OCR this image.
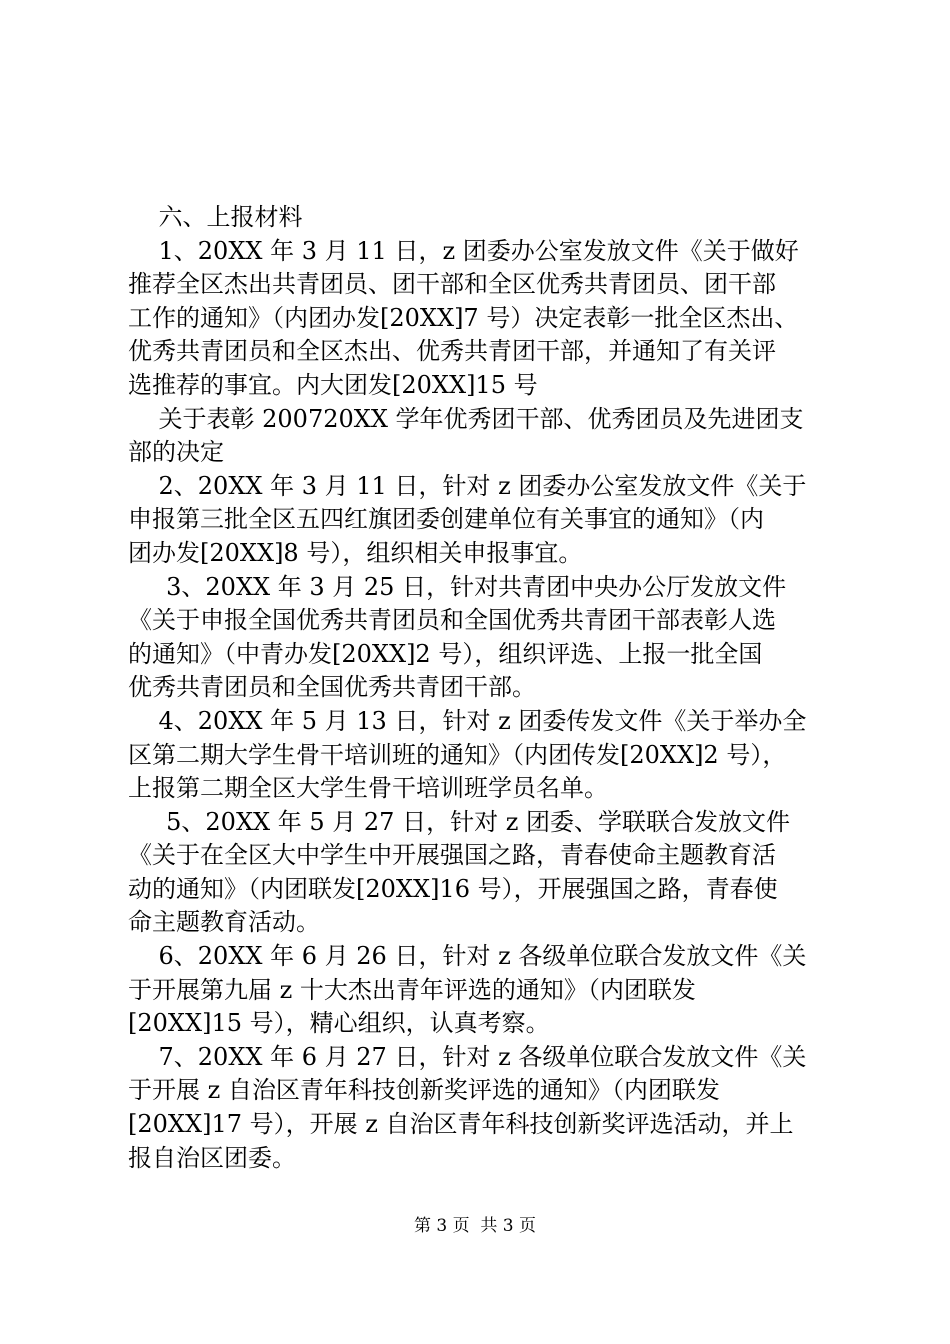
六、上报材料
1、20XX 年 3 月 11 日，z 团委办公室发放文件《关于做好
推荐全区杰出共青团员、团干部和全区优秀共青团员、团干部
工作的通知》（内团办发[20XX]7 号）决定表彰一批全区杰出、
优秀共青团员和全区杰出、优秀共青团干部，并通知了有关评
选推荐的事宜。内大团发[20XX]15 号
关于表彰 200720XX 学年优秀团干部、优秀团员及先进团支
部的决定
2、20XX 年 3 月 11 日，针对 z 团委办公室发放文件《关于
申报第三批全区五四红旗团委创建单位有关事宜的通知》（内
团办发[20XX]8 号），组织相关申报事宜。
3、20XX 年 3 月 25 日，针对共青团中央办公厅发放文件
《关于申报全国优秀共青团员和全国优秀共青团干部表彰人选
的通知》（中青办发[20XX]2 号），组织评选、上报一批全国
优秀共青团员和全国优秀共青团干部。
4、20XX 年 5 月 13 日，针对 z 团委传发文件《关于举办全
区第二期大学生骨干培训班的通知》（内团传发[20XX]2 号），
上报第二期全区大学生骨干培训班学员名单。
5、20XX 年 5 月 27 日，针对 z 团委、学联联合发放文件
《关于在全区大中学生中开展强国之路，青春使命主题教育活
动的通知》（内团联发[20XX]16 号），开展强国之路，青春使
命主题教育活动。
6、20XX 年 6 月 26 日，针对 z 各级单位联合发放文件《关
于开展第九届 z 十大杰出青年评选的通知》（内团联发
[20XX]15 号），精心组织，认真考察。
7、20XX 年 6 月 27 日，针对 z 各级单位联合发放文件《关
于开展 z 自治区青年科技创新奖评选的通知》（内团联发
[20XX]17 号），开展 z 自治区青年科技创新奖评选活动，并上
报自治区团委。
第 3 页  共 3 页
